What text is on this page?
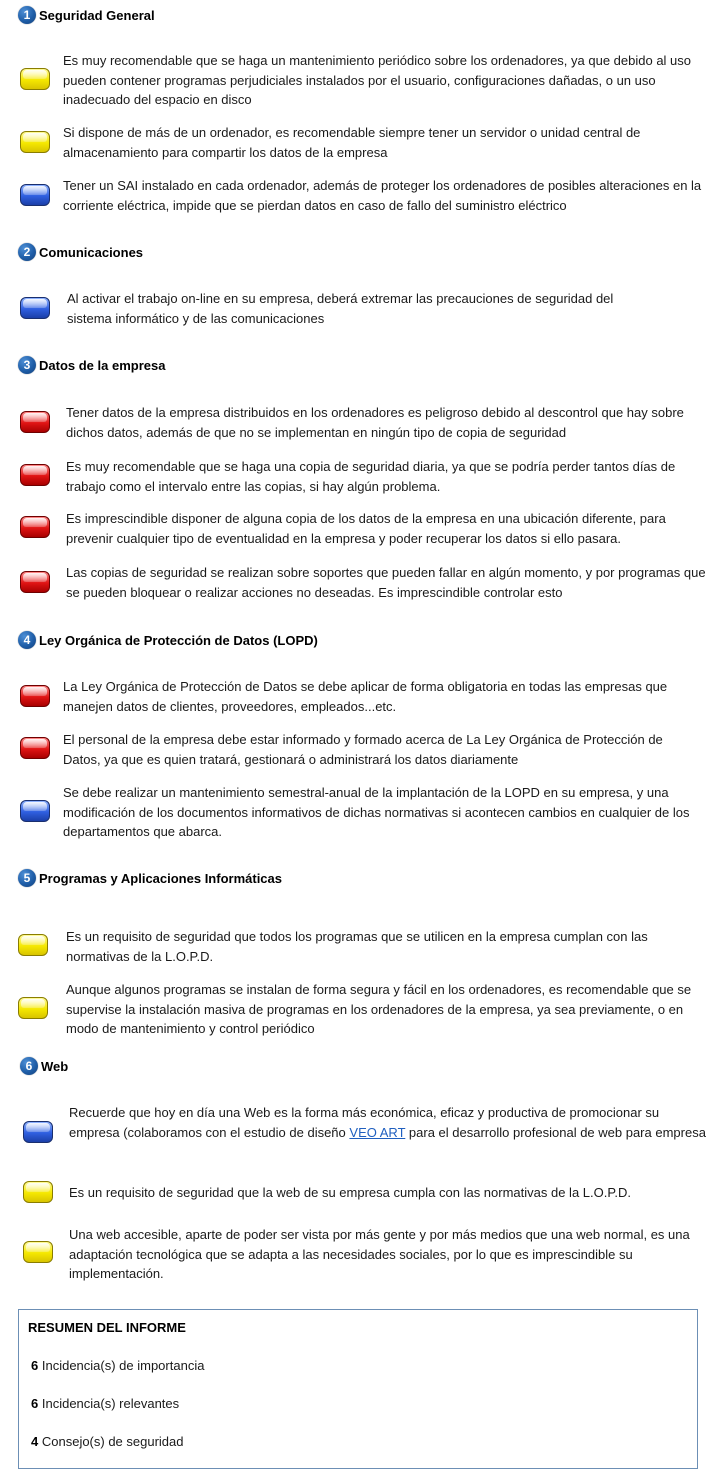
1 Seguridad General
2 Comunicaciones
3 Datos de la empresa
4 Ley Orgánica de Protección de Datos (LOPD)
5 Programas y Aplicaciones Informáticas
6 Web
Es muy recomendable que se haga un mantenimiento periódico sobre los ordenadores, ya que debido al uso pueden contener programas perjudiciales instalados por el usuario, configuraciones dañadas, o un uso inadecuado del espacio en disco
Si dispone de más de un ordenador, es recomendable siempre tener un servidor o unidad central de almacenamiento para compartir los datos de la empresa
Tener un SAI instalado en cada ordenador, además de proteger los ordenadores de posibles alteraciones en la corriente eléctrica, impide que se pierdan datos en caso de fallo del suministro eléctrico
Al activar el trabajo on-line en su empresa, deberá extremar las precauciones de seguridad del sistema informático y de las comunicaciones
Tener datos de la empresa distribuidos en los ordenadores es peligroso debido al descontrol que hay sobre dichos datos, además de que no se implementan en ningún tipo de copia de seguridad
Es muy recomendable que se haga una copia de seguridad diaria, ya que se podría perder tantos días de trabajo como el intervalo entre las copias, si hay algún problema.
Es imprescindible disponer de alguna copia de los datos de la empresa en una ubicación diferente, para prevenir cualquier tipo de eventualidad en la empresa y poder recuperar los datos si ello pasara.
Las copias de seguridad se realizan sobre soportes que pueden fallar en algún momento, y por programas que se pueden bloquear o realizar acciones no deseadas. Es imprescindible controlar esto
La Ley Orgánica de Protección de Datos se debe aplicar de forma obligatoria en todas las empresas que manejen datos de clientes, proveedores, empleados...etc.
El personal de la empresa debe estar informado y formado acerca de La Ley Orgánica de Protección de Datos, ya que es quien tratará, gestionará o administrará los datos diariamente
Se debe realizar un mantenimiento semestral-anual de la implantación de la LOPD en su empresa, y una modificación de los documentos informativos de dichas normativas si acontecen cambios en cualquier de los departamentos que abarca.
Es un requisito de seguridad que todos los programas que se utilicen en la empresa cumplan con las normativas de la L.O.P.D.
Aunque algunos programas se instalan de forma segura y fácil en los ordenadores, es recomendable que se supervise la instalación masiva de programas en los ordenadores de la empresa, ya sea previamente, o en modo de mantenimiento y control periódico
Recuerde que hoy en día una Web es la forma más económica, eficaz y productiva de promocionar su empresa (colaboramos con el estudio de diseño VEO ART para el desarrollo profesional de web para empresa
Es un requisito de seguridad que la web de su empresa cumpla con las normativas de la L.O.P.D.
Una web accesible, aparte de poder ser vista por más gente y por más medios que una web normal, es una adaptación tecnológica que se adapta a las necesidades sociales, por lo que es imprescindible su implementación.
RESUMEN DEL INFORME
6 Incidencia(s) de importancia
6 Incidencia(s) relevantes
4 Consejo(s) de seguridad
